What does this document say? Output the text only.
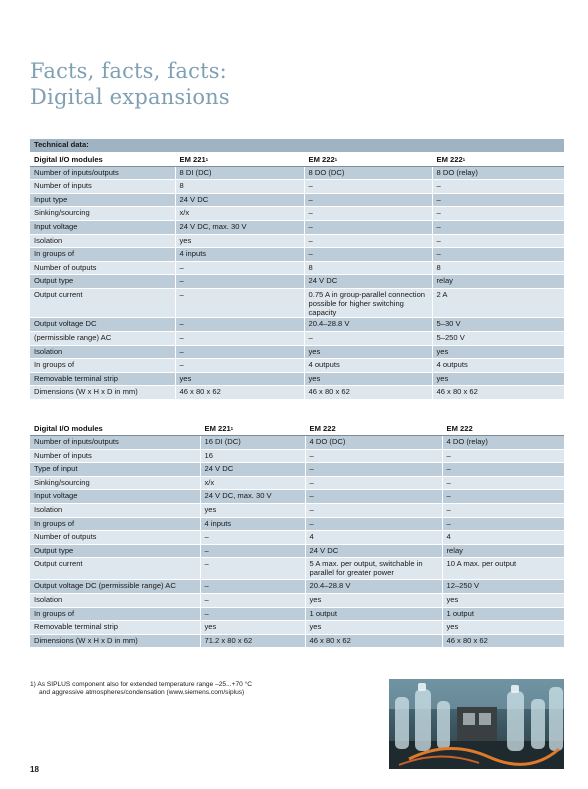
Facts, facts, facts:
Digital expansions
Technical data:			
Digital I/O modules	EM $221^1$	EM $222^1$	EM $222^1$
Number of inputs/outputs	8 DI (DC)	8 DO (DC)	8 DO (relay)
Number of inputs	8	–	–
Input type	24 V DC	–	–
Sinking/sourcing	x/x	–	–
Input voltage	24 V DC, max. 30 V	–	–
Isolation	yes	–	–
In groups of	4 inputs	–	–
Number of outputs	–	8	8
Output type	–	24 V DC	relay
Output current	–	0.75 A in group-parallel connection possible for higher switching capacity	2 A
Output voltage DC	–	20.4–28.8 V	5–30 V
(permissible range) AC	–	–	5–250 V
Isolation	–	yes	yes
In groups of	–	4 outputs	4 outputs
Removable terminal strip	yes	yes	yes
Dimensions (W x H x D in mm)	46 x 80 x 62	46 x 80 x 62	46 x 80 x 62
Digital I/O modules	EM $221^1$	EM 222	EM 222
Number of inputs/outputs	16 DI (DC)	4 DO (DC)	4 DO (relay)
Number of inputs	16	–	–
Type of input	24 V DC	–	–
Sinking/sourcing	x/x	–	–
Input voltage	24 V DC, max. 30 V	–	–
Isolation	yes	–	–
In groups of	4 inputs	–	–
Number of outputs	–	4	4
Output type	–	24 V DC	relay
Output current	–	5 A max. per output, switchable in parallel for greater power	10 A max. per output
Output voltage DC (permissible range) AC	–	20.4–28.8 V	12–250 V
Isolation	–	yes	yes
In groups of	–	1 output	1 output
Removable terminal strip	yes	yes	yes
Dimensions (W x H x D in mm)	71.2 x 80 x 62	46 x 80 x 62	46 x 80 x 62

1) As SIPLUS component also for extended temperature range –25...+70 °C

and aggressive atmospheres/condensation (www.siemens.com/siplus)

18
